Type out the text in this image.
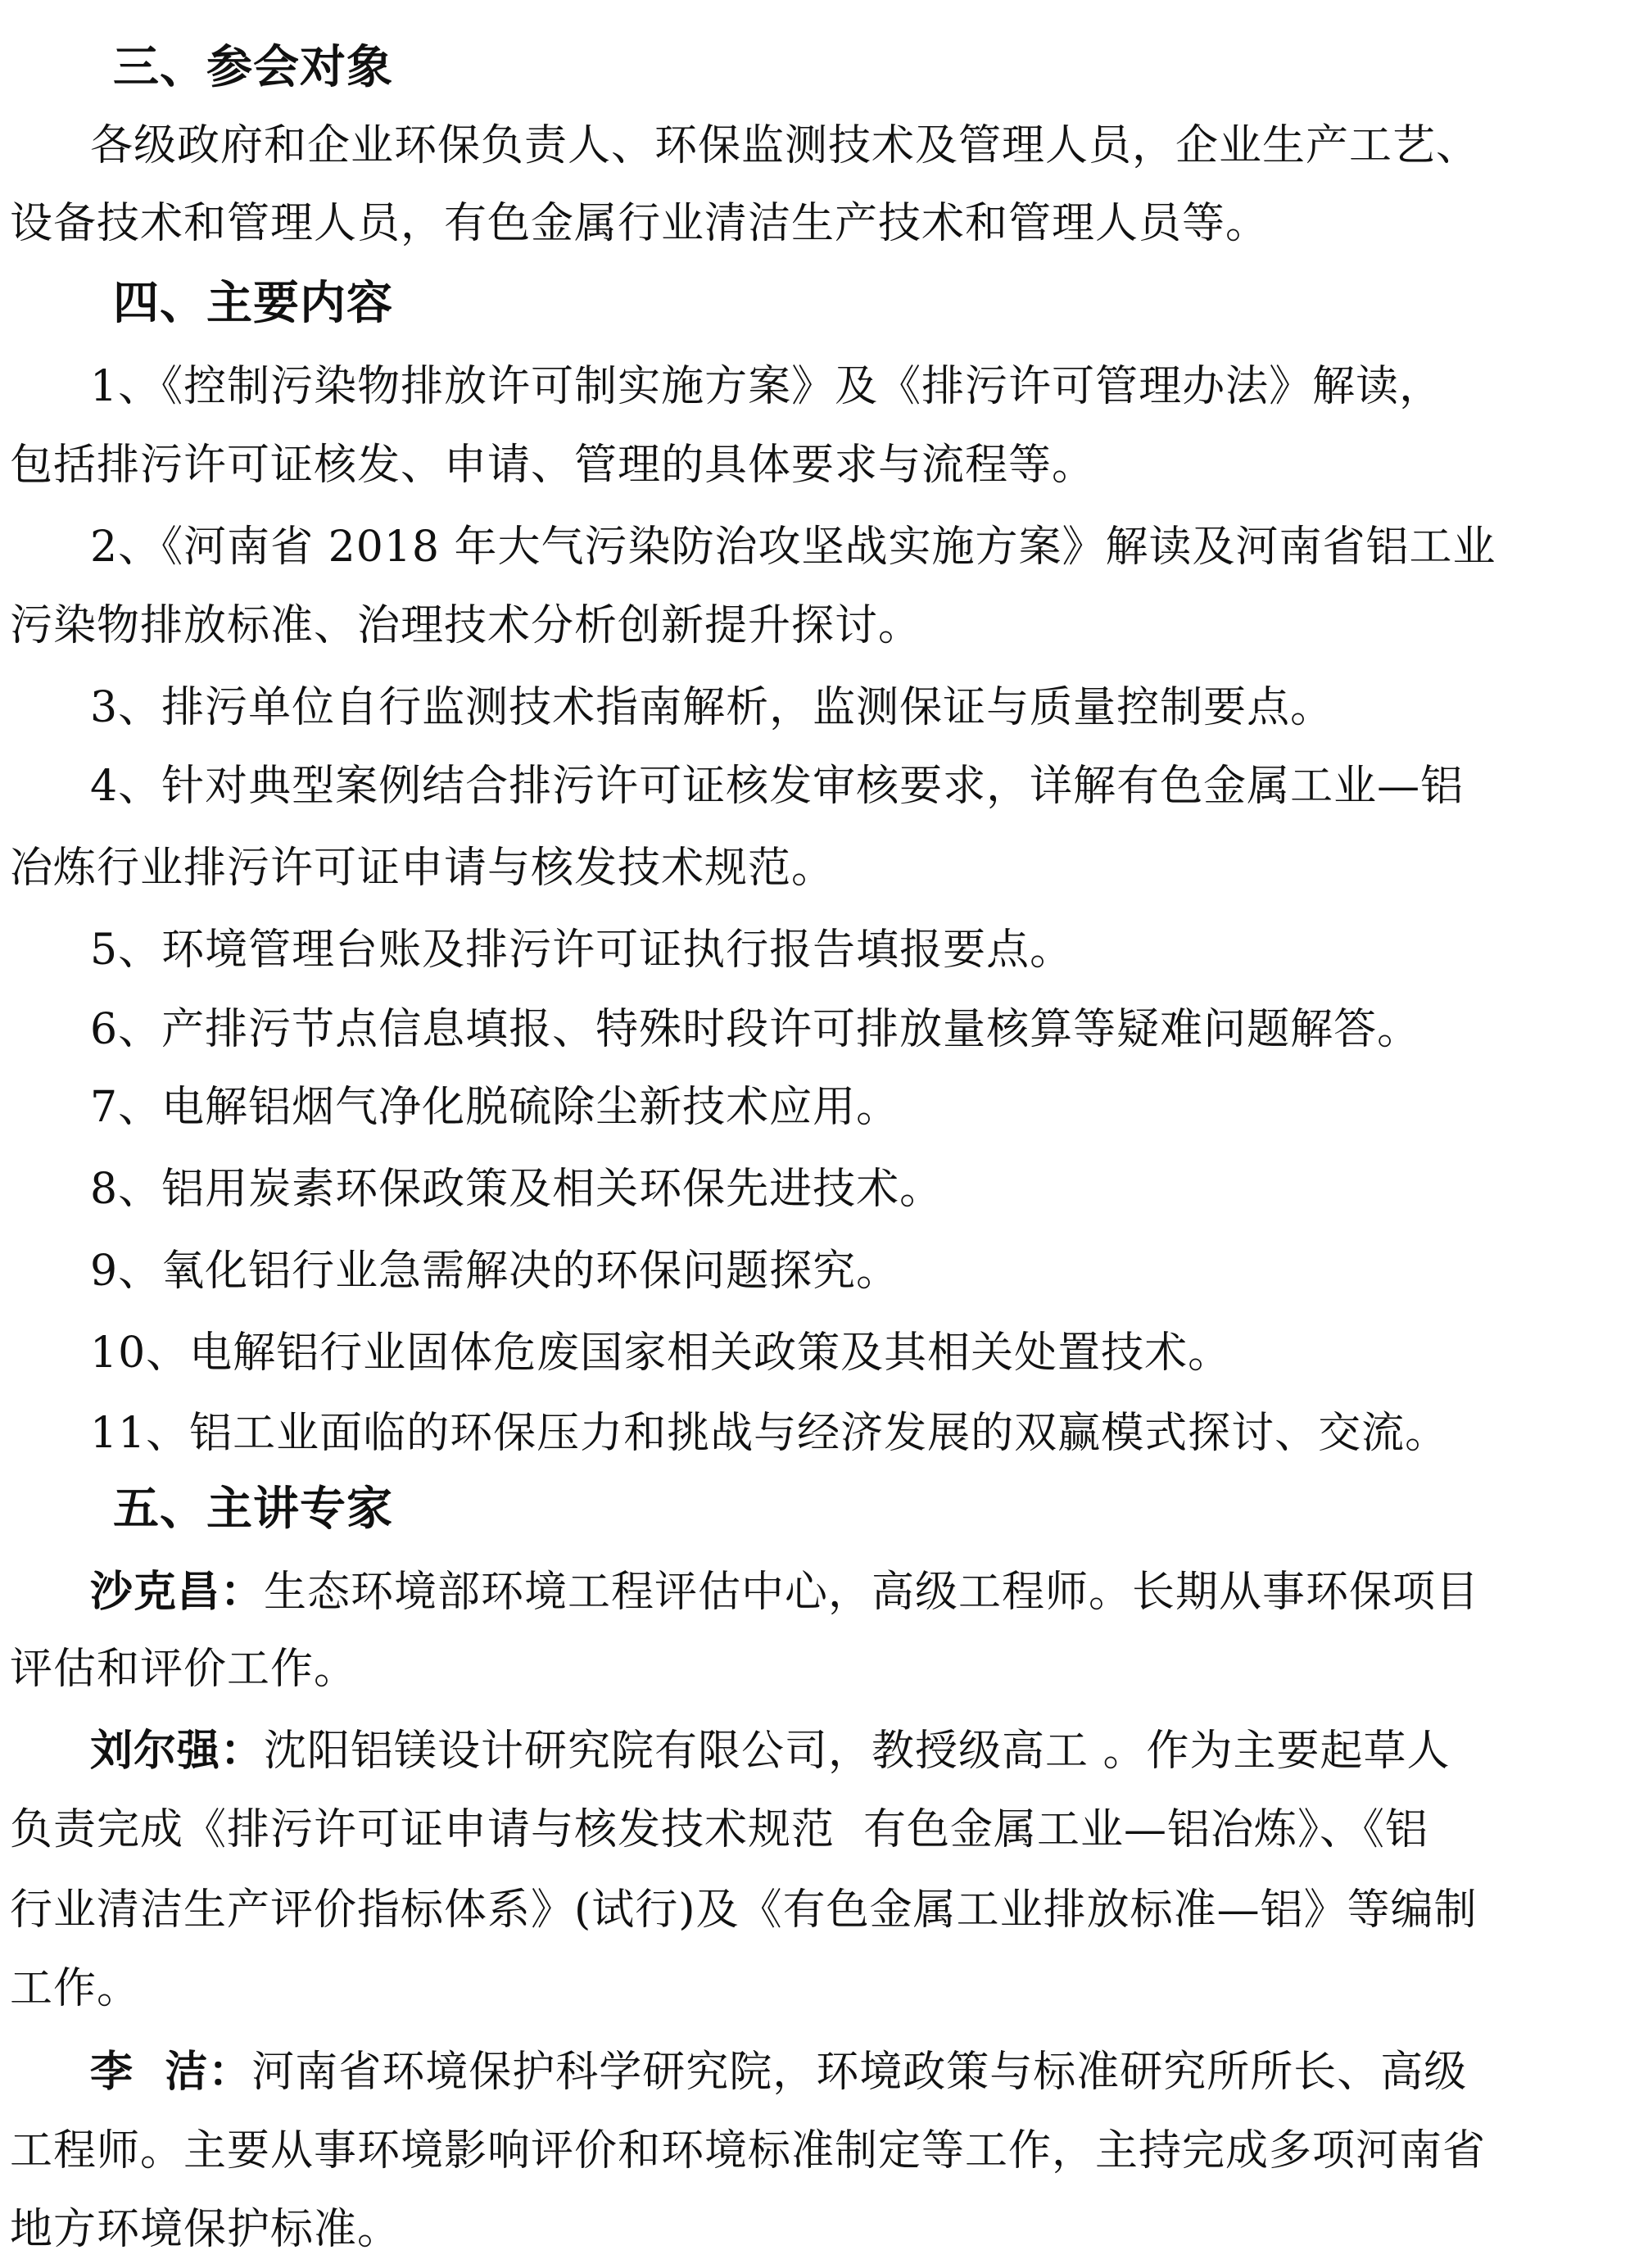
三、参会对象

各级政府和企业环保负责人、环保监测技术及管理人员，企业生产工艺、

设备技术和管理人员，有色金属行业清洁生产技术和管理人员等。

四、主要内容

1、《控制污染物排放许可制实施方案》及《排污许可管理办法》解读，

包括排污许可证核发、申请、管理的具体要求与流程等。

2、《河南省 2018 年大气污染防治攻坚战实施方案》解读及河南省铝工业

污染物排放标准、治理技术分析创新提升探讨。

3、排污单位自行监测技术指南解析，监测保证与质量控制要点。

4、针对典型案例结合排污许可证核发审核要求，详解有色金属工业—铝

冶炼行业排污许可证申请与核发技术规范。

5、环境管理台账及排污许可证执行报告填报要点。

6、产排污节点信息填报、特殊时段许可排放量核算等疑难问题解答。

7、电解铝烟气净化脱硫除尘新技术应用。

8、铝用炭素环保政策及相关环保先进技术。

9、氧化铝行业急需解决的环保问题探究。

10、电解铝行业固体危废国家相关政策及其相关处置技术。

11、铝工业面临的环保压力和挑战与经济发展的双赢模式探讨、交流。

五、主讲专家

沙克昌：生态环境部环境工程评估中心，高级工程师。长期从事环保项目

评估和评价工作。

刘尔强：沈阳铝镁设计研究院有限公司，教授级高工 。作为主要起草人

负责完成《排污许可证申请与核发技术规范  有色金属工业—铝冶炼》、《铝

行业清洁生产评价指标体系》(试行)及《有色金属工业排放标准—铝》等编制

工作。

李  洁：河南省环境保护科学研究院，环境政策与标准研究所所长、高级

工程师。主要从事环境影响评价和环境标准制定等工作，主持完成多项河南省

地方环境保护标准。
